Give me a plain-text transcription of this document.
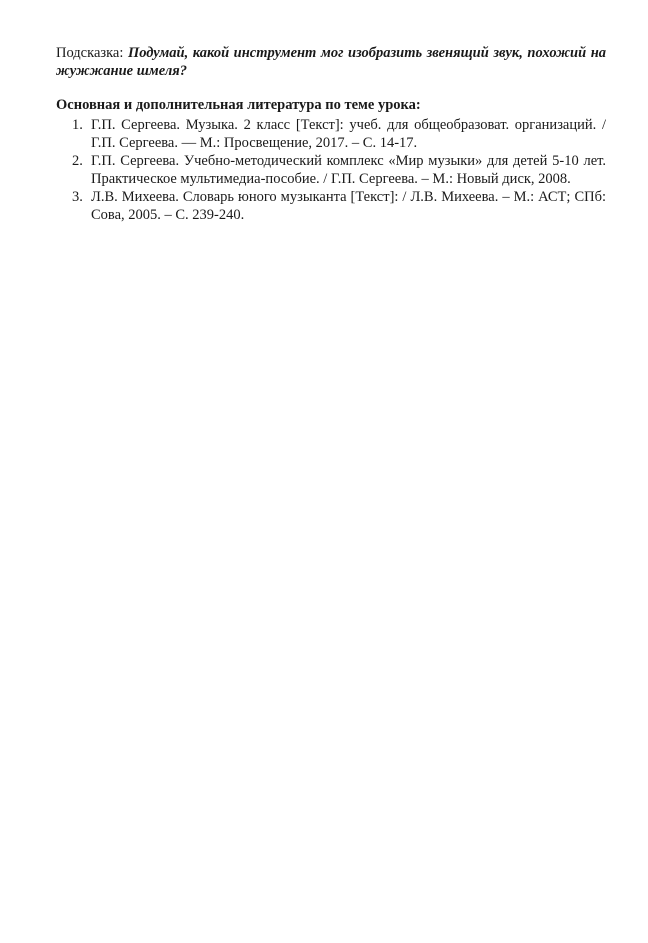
Подсказка: Подумай, какой инструмент мог изобразить звенящий звук, похожий на жужжание шмеля?

Основная и дополнительная литература по теме урока:
1. Г.П. Сергеева. Музыка. 2 класс [Текст]: учеб. для общеобразоват. организаций. / Г.П. Сергеева. — М.: Просвещение, 2017. – С. 14-17.
2. Г.П. Сергеева. Учебно-методический комплекс «Мир музыки» для детей 5-10 лет. Практическое мультимедиа-пособие. / Г.П. Сергеева. – М.: Новый диск, 2008.
3. Л.В. Михеева. Словарь юного музыканта [Текст]: / Л.В. Михеева. – М.: АСТ; СПб: Сова, 2005. – С. 239-240.
